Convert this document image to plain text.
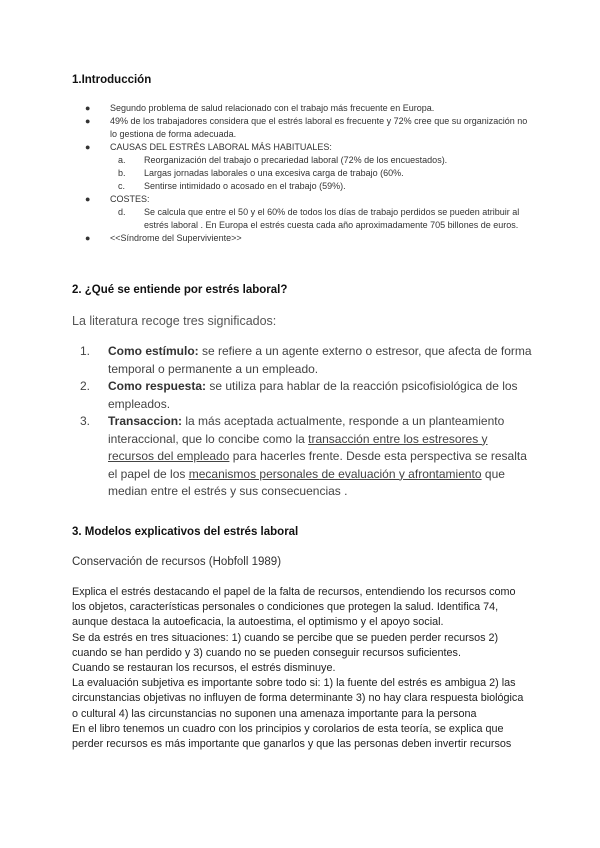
1.Introducción
● Segundo problema de salud relacionado con el trabajo más frecuente en Europa.
● 49% de los trabajadores considera que el estrés laboral es frecuente y 72% cree que su organización no lo gestiona de forma adecuada.
● CAUSAS DEL ESTRÉS LABORAL MÁS HABITUALES:
a. Reorganización del trabajo o precariedad laboral (72% de los encuestados).
b. Largas jornadas laborales o una excesiva carga de trabajo (60%.
c. Sentirse intimidado o acosado en el trabajo (59%).
● COSTES:
d. Se calcula que entre el 50 y el 60% de todos los días de trabajo perdidos se pueden atribuir al estrés laboral . En Europa el estrés cuesta cada año aproximadamente 705 billones de euros.
● <<Síndrome del Superviviente>>
2. ¿Qué se entiende por estrés laboral?
La literatura recoge tres significados:
1. Como estímulo: se refiere a un agente externo o estresor, que afecta de forma temporal o permanente a un empleado.
2. Como respuesta: se utiliza para hablar de la reacción psicofisiológica de los empleados.
3. Transaccion: la más aceptada actualmente, responde a un planteamiento interaccional, que lo concibe como la transacción entre los estresores y recursos del empleado para hacerles frente. Desde esta perspectiva se resalta el papel de los mecanismos personales de evaluación y afrontamiento que median entre el estrés y sus consecuencias .
3. Modelos explicativos del estrés laboral
Conservación de recursos (Hobfoll 1989)

Explica el estrés destacando el papel de la falta de recursos, entendiendo los recursos como los objetos, características personales o condiciones que protegen la salud. Identifica 74, aunque destaca la autoeficacia, la autoestima, el optimismo y el apoyo social.

Se da estrés en tres situaciones: 1) cuando se percibe que se pueden perder recursos 2) cuando se han perdido y 3) cuando no se pueden conseguir recursos suficientes.

Cuando se restauran los recursos, el estrés disminuye.

La evaluación subjetiva es importante sobre todo si: 1) la fuente del estrés es ambigua 2) las circunstancias objetivas no influyen de forma determinante 3) no hay clara respuesta biológica o cultural 4) las circunstancias no suponen una amenaza importante para la persona

En el libro tenemos un cuadro con los principios y corolarios de esta teoría, se explica que perder recursos es más importante que ganarlos y que las personas deben invertir recursos
